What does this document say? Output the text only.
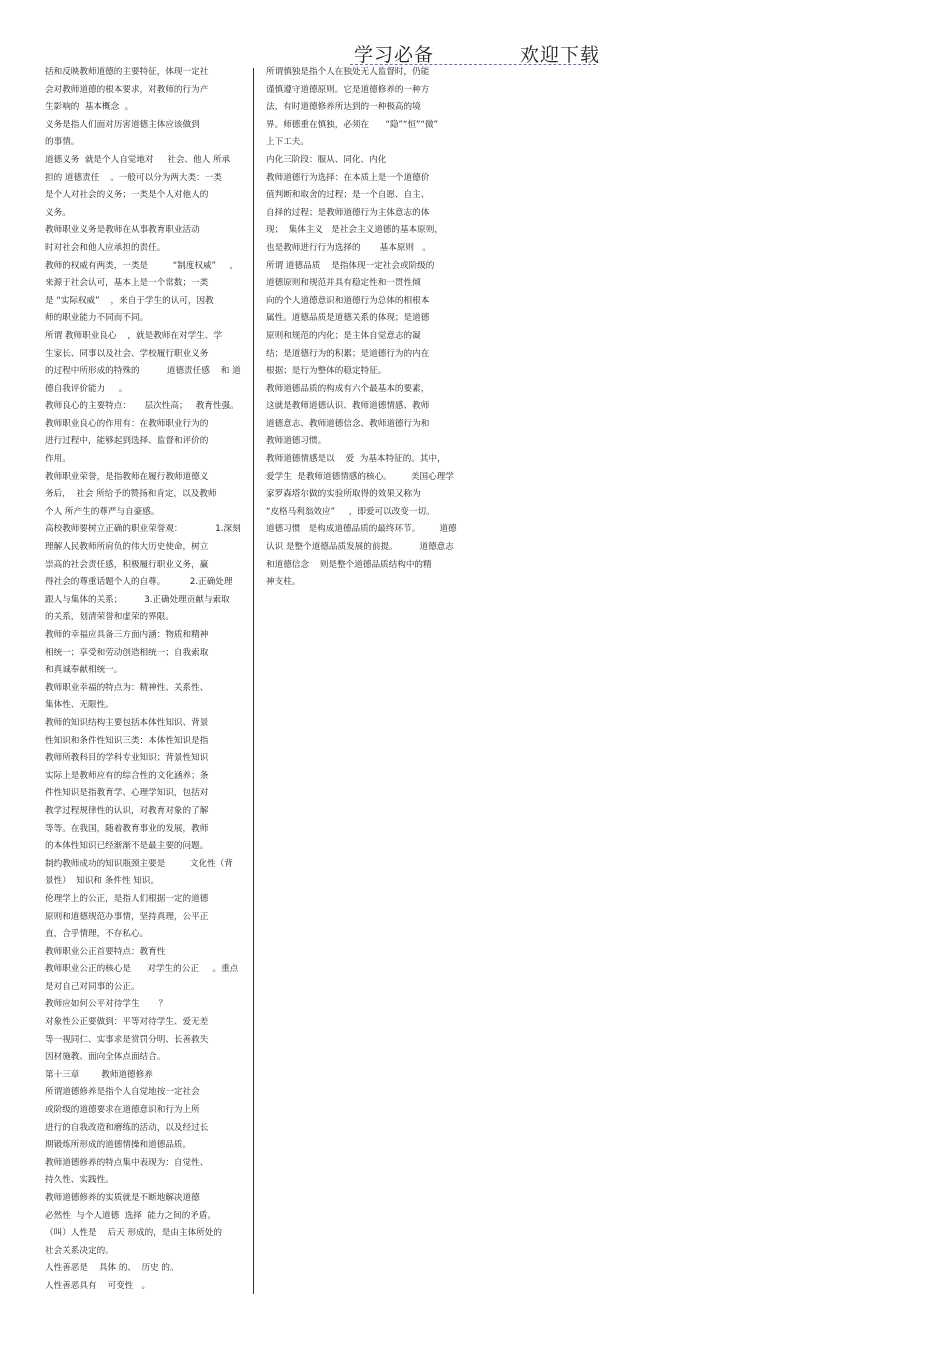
学习必备	欢迎下载
括和反映教师道德的主要特征，体现一定社
会对教师道德的根本要求，对教师的行为产
生影响的  基本概念  。
义务是指人们面对历害道德主体应该做到
的事情。
道德义务  就是个人自觉地对     社会、他人 所承
担的 道德责任    。一般可以分为两大类：一类
是个人对社会的义务；一类是个人对他人的
义务。
教师职业义务是教师在从事教育职业活动
时对社会和他人应承担的责任。
教师的权威有两类，一类是         “制度权威”     ，
来源于社会认可，基本上是一个常数；一类
是 “实际权威”    ，来自于学生的认可，因教
师的职业能力不同而不同。
所谓 教师职业良心    ，就是教师在对学生、学
生家长、同事以及社会、学校履行职业义务
的过程中所形成的特殊的          道德责任感    和 道
德自我评价能力     。
教师良心的主要特点：     层次性高；   教育性强。
教师职业良心的作用有：在教师职业行为的
进行过程中，能够起到选择、监督和评价的
作用。
教师职业荣誉，是指教师在履行教师道德义
务后，  社会 所给予的赞扬和肯定，以及教师
个人 所产生的尊严与自豪感。
高校教师要树立正确的职业荣誉观：            1.深刻
理解人民教师所肩负的伟大历史使命，树立
崇高的社会责任感，积极履行职业义务，赢
得社会的尊重话题个人的自尊。         2.正确处理
跟人与集体的关系；        3.正确处理贡献与索取
的关系，划清荣誉和虚荣的界限。
教师的幸福应具备三方面内涵：物质和精神
相统一；享受和劳动创造相统一；自我索取
和真诚奉献相统一。
教师职业幸福的特点为：精神性、关系性、
集体性、无限性。
教师的知识结构主要包括本体性知识、背景
性知识和条件性知识三类：本体性知识是指
教师所教科目的学科专业知识；背景性知识
实际上是教师应有的综合性的文化涵养；条
件性知识是指教育学、心理学知识，包括对
教学过程规律性的认识，对教育对象的了解
等等。在我国，随着教育事业的发展，教师
的本体性知识已经渐渐不是最主要的问题。
制约教师成功的知识瓶颈主要是         文化性（背
景性）  知识和 条件性 知识。
伦理学上的公正，是指人们根据一定的道德
原则和道德规范办事情，坚持真理，公平正
直，合乎情理，不存私心。
教师职业公正首要特点：教育性
教师职业公正的核心是      对学生的公正     。重点
是对自己对同事的公正。
教师应如何公平对待学生       ？
对象性公正要做到：平等对待学生、爱无差
等一视同仁、实事求是赏罚分明、长善救失
因材施教、面向全体点面结合。
第十三章        教师道德修养
所谓道德修养是指个人自觉地按一定社会
或阶级的道德要求在道德意识和行为上所
进行的自我改造和磨练的活动，以及经过长
期锻炼所形成的道德情操和道德品质。
教师道德修养的特点集中表现为：自觉性、
持久性、实践性。
教师道德修养的实质就是不断地解决道德
必然性  与个人道德  选择  能力之间的矛盾。
（叫）人性是    后天 形成的，是由主体所处的
社会关系决定的。
人性善恶是    具体 的、  历史 的。
人性善恶具有    可变性   。
所谓慎独是指个人在独处无人监督时，仍能
谨慎遵守道德原则。它是道德修养的一种方
法，有时道德修养所达到的一种极高的境
界。师德重在慎独，必须在      “隐”“恒”“微”
上下工夫。
内化三阶段：服从、同化、内化
教师道德行为选择：在本质上是一个道德价
值判断和取舍的过程；是一个自愿、自主、
自择的过程；是教师道德行为主体意志的体
现；  集体主义   是社会主义道德的基本原则，
也是教师进行行为选择的       基本原则   。
所谓 道德品质    是指体现一定社会或阶级的
道德原则和规范并具有稳定性和一贯性倾
向的个人道德意识和道德行为总体的相根本
属性。道德品质是道德关系的体现；是道德
原则和规范的内化；是主体自觉意志的凝
结；是道德行为的积累；是道德行为的内在
根据；是行为整体的稳定特征。
教师道德品质的构成有六个最基本的要素，
这就是教师道德认识、教师道德情感、教师
道德意志、教师道德信念、教师道德行为和
教师道德习惯。
教师道德情感是以    爱  为基本特征的。其中，
爱学生  是教师道德情感的核心。       美国心理学
家罗森塔尔做的实验所取得的效果又称为
“皮格马利翁效应”     ，即爱可以改变一切。
道德习惯   是构成道德品质的最终环节。       道德
认识 是整个道德品质发展的前提。        道德意志
和道德信念    则是整个道德品质结构中的精
神支柱。
